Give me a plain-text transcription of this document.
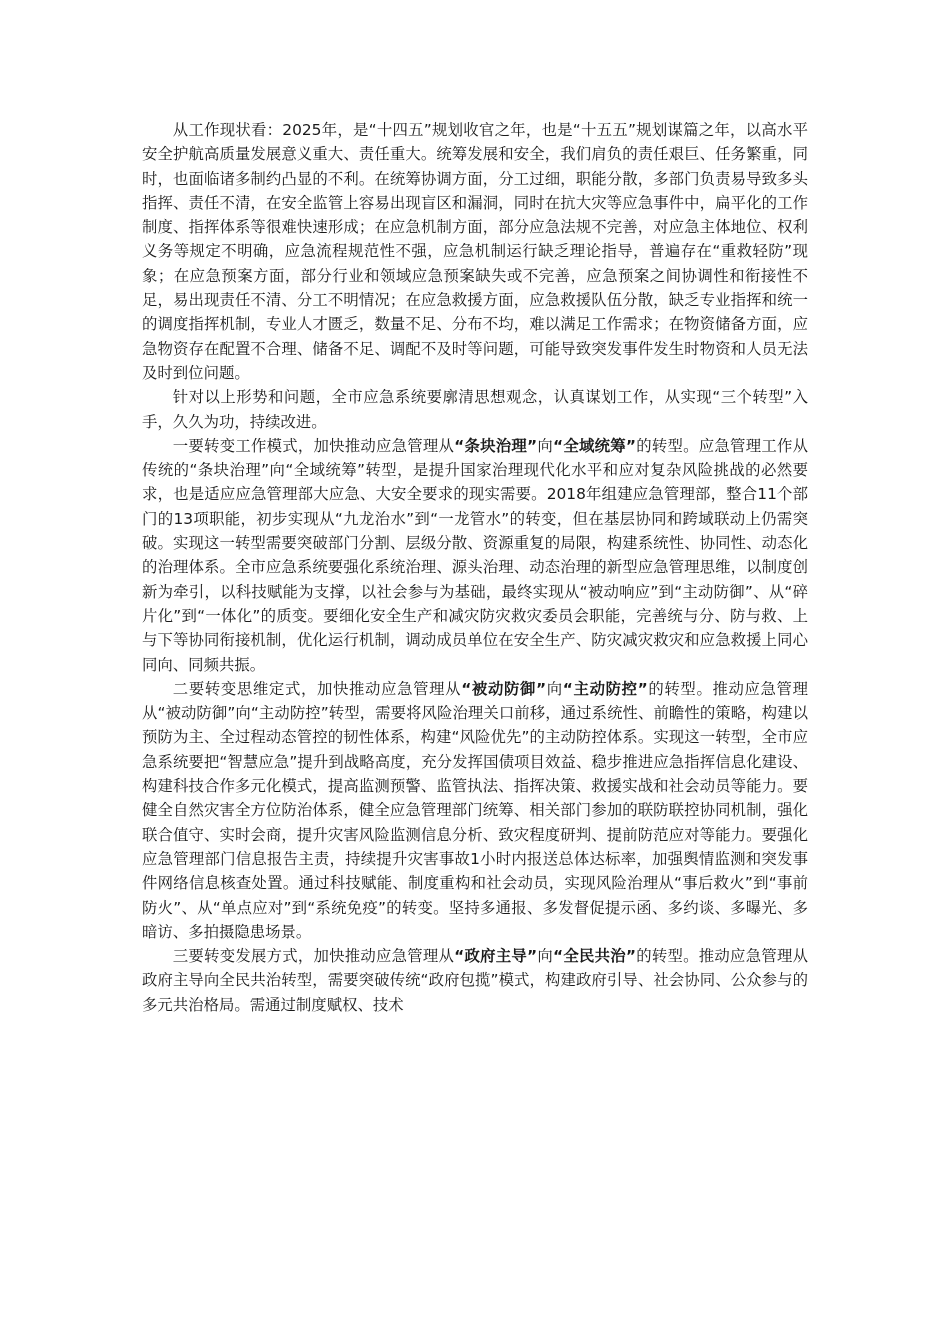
从工作现状看：2025年，是“十四五”规划收官之年，也是“十五五”规划谋篇之年，以高水平安全护航高质量发展意义重大、责任重大。统筹发展和安全，我们肩负的责任艰巨、任务繁重，同时，也面临诸多制约凸显的不利。在统筹协调方面，分工过细，职能分散，多部门负责易导致多头指挥、责任不清，在安全监管上容易出现盲区和漏洞，同时在抗大灾等应急事件中，扁平化的工作制度、指挥体系等很难快速形成；在应急机制方面，部分应急法规不完善，对应急主体地位、权利义务等规定不明确，应急流程规范性不强，应急机制运行缺乏理论指导，普遍存在“重救轻防”现象；在应急预案方面，部分行业和领域应急预案缺失或不完善，应急预案之间协调性和衔接性不足，易出现责任不清、分工不明情况；在应急救援方面，应急救援队伍分散，缺乏专业指挥和统一的调度指挥机制，专业人才匮乏，数量不足、分布不均，难以满足工作需求；在物资储备方面，应急物资存在配置不合理、储备不足、调配不及时等问题，可能导致突发事件发生时物资和人员无法及时到位问题。

针对以上形势和问题，全市应急系统要廓清思想观念，认真谋划工作，从实现“三个转型”入手，久久为功，持续改进。

一要转变工作模式，加快推动应急管理从“条块治理”向“全域统筹”的转型。应急管理工作从传统的“条块治理”向“全域统筹”转型，是提升国家治理现代化水平和应对复杂风险挑战的必然要求，也是适应应急管理部大应急、大安全要求的现实需要。2018年组建应急管理部，整合11个部门的13项职能，初步实现从“九龙治水”到“一龙管水”的转变，但在基层协同和跨域联动上仍需突破。实现这一转型需要突破部门分割、层级分散、资源重复的局限，构建系统性、协同性、动态化的治理体系。全市应急系统要强化系统治理、源头治理、动态治理的新型应急管理思维，以制度创新为牵引，以科技赋能为支撑，以社会参与为基础，最终实现从“被动响应”到“主动防御”、从“碎片化”到“一体化”的质变。要细化安全生产和减灾防灾救灾委员会职能，完善统与分、防与救、上与下等协同衔接机制，优化运行机制，调动成员单位在安全生产、防灾减灾救灾和应急救援上同心同向、同频共振。

二要转变思维定式，加快推动应急管理从“被动防御”向“主动防控”的转型。推动应急管理从“被动防御”向“主动防控”转型，需要将风险治理关口前移，通过系统性、前瞻性的策略，构建以预防为主、全过程动态管控的韧性体系，构建“风险优先”的主动防控体系。实现这一转型，全市应急系统要把“智慧应急”提升到战略高度，充分发挥国债项目效益、稳步推进应急指挥信息化建设、构建科技合作多元化模式，提高监测预警、监管执法、指挥决策、救援实战和社会动员等能力。要健全自然灾害全方位防治体系，健全应急管理部门统筹、相关部门参加的联防联控协同机制，强化联合值守、实时会商，提升灾害风险监测信息分析、致灾程度研判、提前防范应对等能力。要强化应急管理部门信息报告主责，持续提升灾害事故1小时内报送总体达标率，加强舆情监测和突发事件网络信息核查处置。通过科技赋能、制度重构和社会动员，实现风险治理从“事后救火”到“事前防火”、从“单点应对”到“系统免疫”的转变。坚持多通报、多发督促提示函、多约谈、多曝光、多暗访、多拍摄隐患场景。

三要转变发展方式，加快推动应急管理从“政府主导”向“全民共治”的转型。推动应急管理从政府主导向全民共治转型，需要突破传统“政府包揽”模式，构建政府引导、社会协同、公众参与的多元共治格局。需通过制度赋权、技术
